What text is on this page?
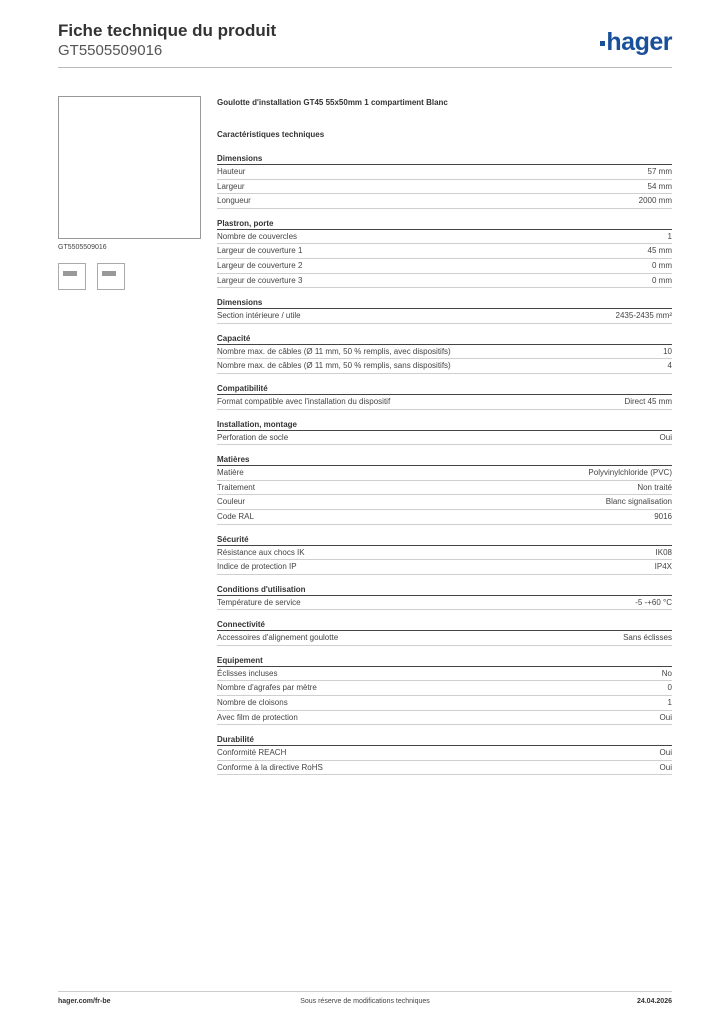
Fiche technique du produit
GT5505509016	hager
GT5505509016
Goulotte d'installation GT45 55x50mm 1 compartiment Blanc
Caractéristiques techniques
Dimensions
Hauteur	57 mm
Largeur	54 mm
Longueur	2000 mm
Plastron, porte
Nombre de couvercles	1
Largeur de couverture 1	45 mm
Largeur de couverture 2	0 mm
Largeur de couverture 3	0 mm
Dimensions
Section intérieure / utile	2435-2435 mm²
Capacité
Nombre max. de câbles (Ø 11 mm, 50 % remplis, avec dispositifs)	10
Nombre max. de câbles (Ø 11 mm, 50 % remplis, sans dispositifs)	4
Compatibilité
Format compatible avec l'installation du dispositif	Direct 45 mm
Installation, montage
Perforation de socle	Oui
Matières
Matière	Polyvinylchloride (PVC)
Traitement	Non traité
Couleur	Blanc signalisation
Code RAL	9016
Sécurité
Résistance aux chocs IK	IK08
Indice de protection IP	IP4X
Conditions d'utilisation
Température de service	-5 -+60 °C
Connectivité
Accessoires d'alignement goulotte	Sans éclisses
Equipement
Éclisses incluses	No
Nombre d'agrafes par mètre	0
Nombre de cloisons	1
Avec film de protection	Oui
Durabilité
Conformité REACH	Oui
Conforme à la directive RoHS	Oui
hager.com/fr-be	Sous réserve de modifications techniques	24.04.2026
